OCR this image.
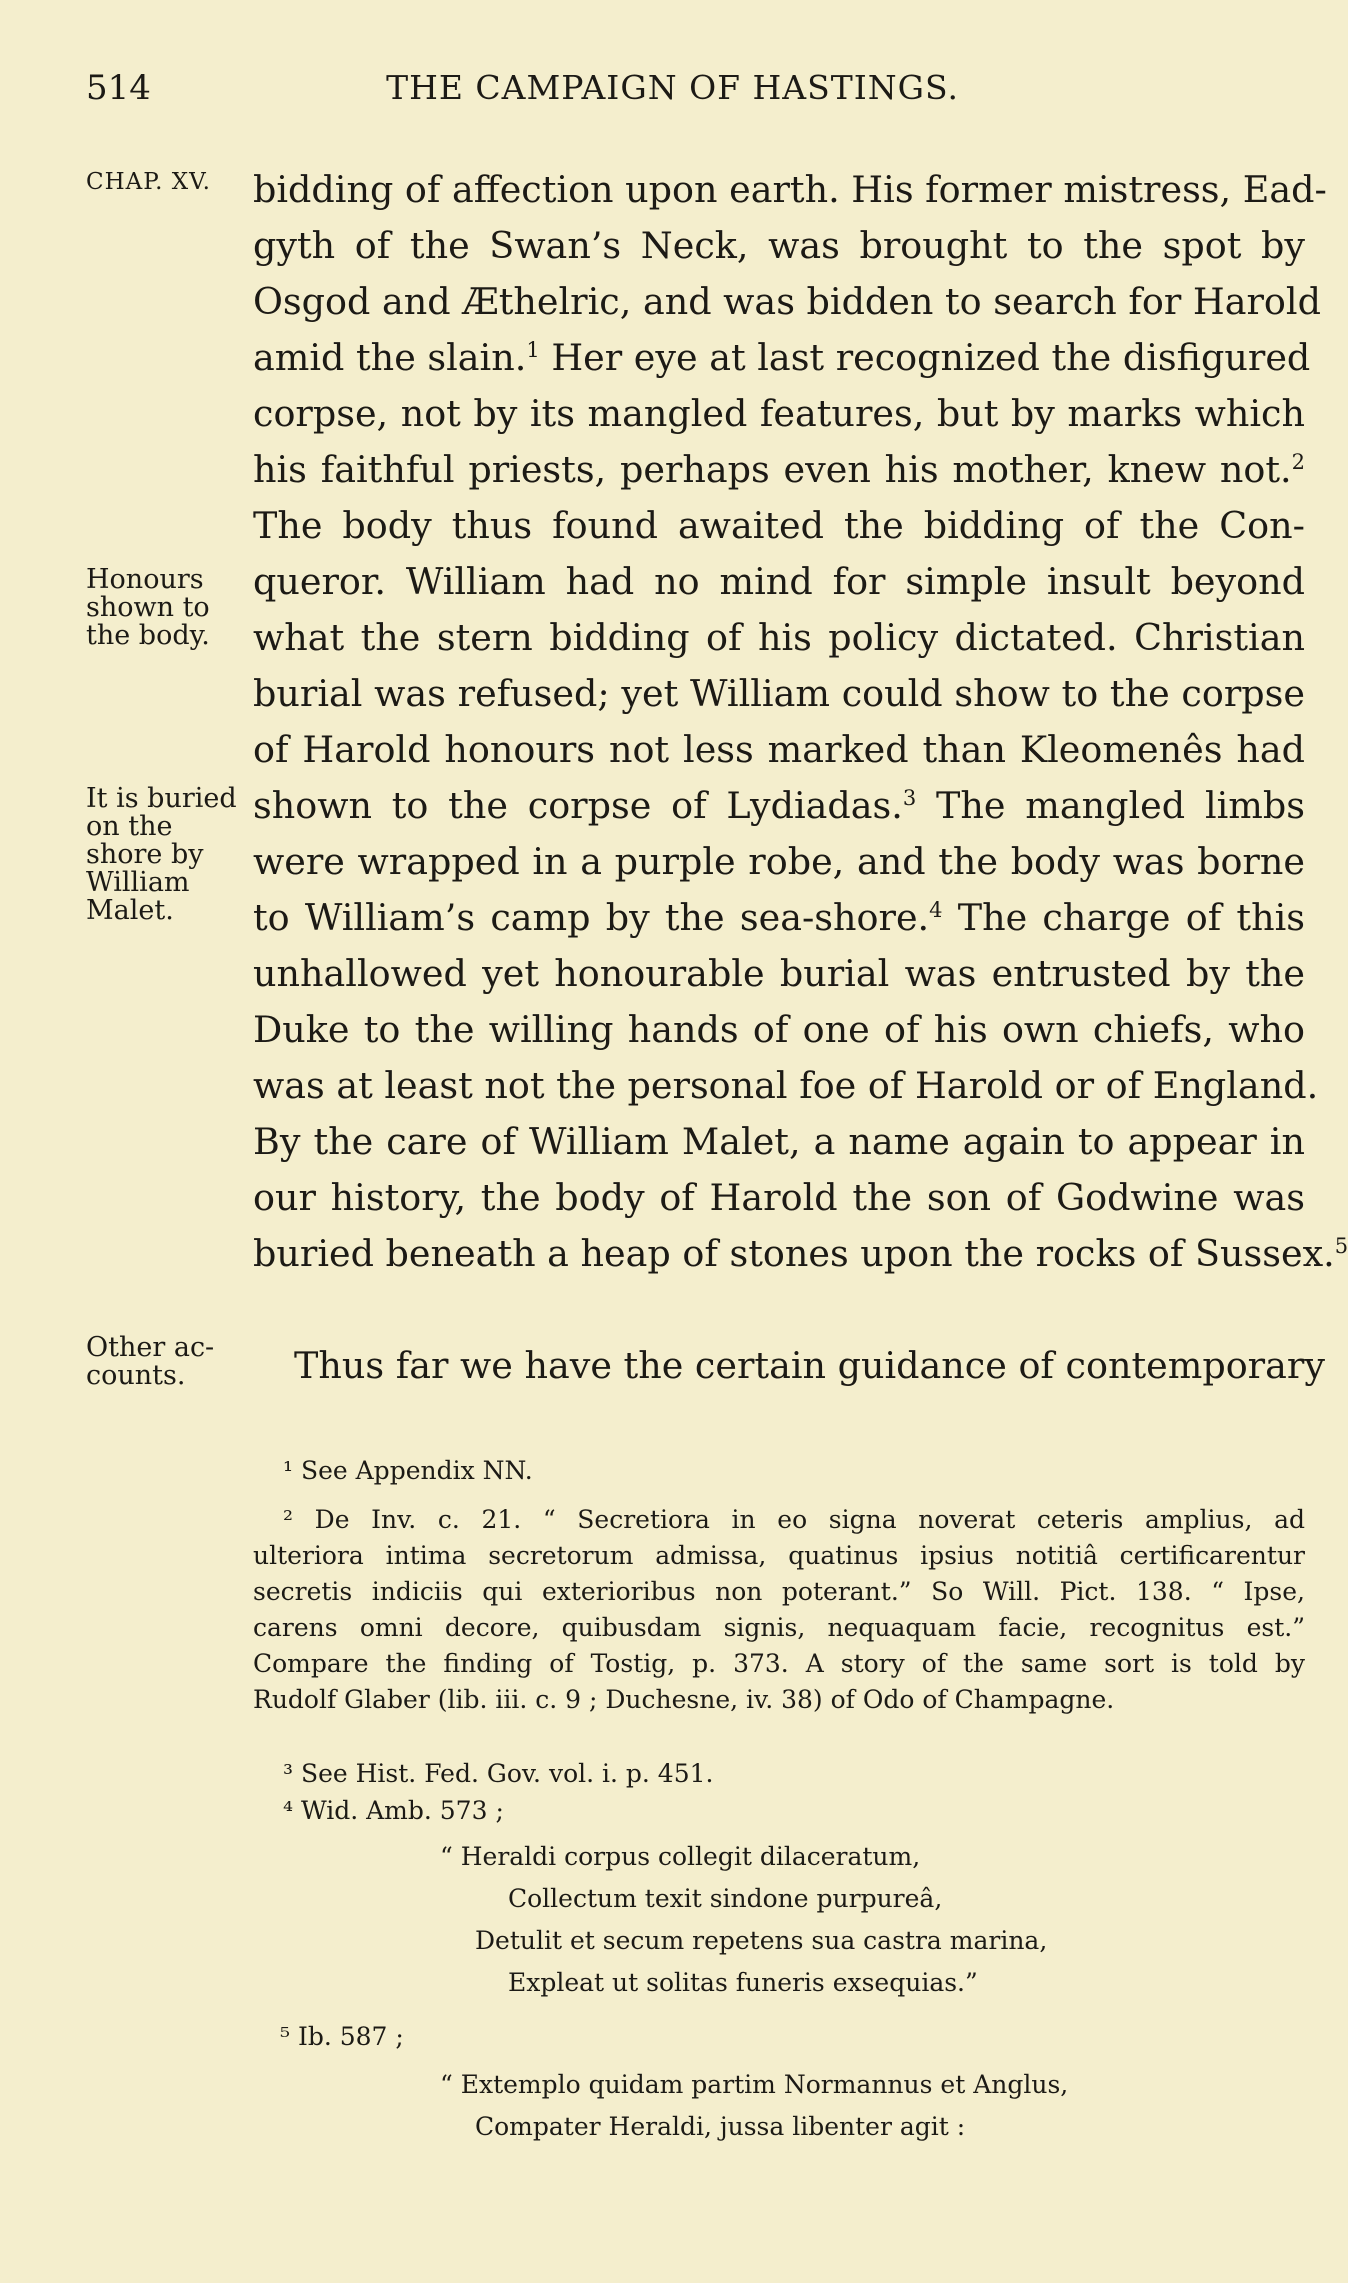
514	THE CAMPAIGN OF HASTINGS.
CHAP. XV.
Honours
shown to
the body.
It is buried
on the
shore by
William
Malet.
Other ac-
counts.
bidding of affection upon earth. His former mistress, Ead-
gyth of the Swan’s Neck, was brought to the spot by
Osgod and Æthelric, and was bidden to search for Harold
amid the slain.$^1$ Her eye at last recognized the disfigured
corpse, not by its mangled features, but by marks which
his faithful priests, perhaps even his mother, knew not.$^2$
The body thus found awaited the bidding of the Con-
queror. William had no mind for simple insult beyond
what the stern bidding of his policy dictated. Christian
burial was refused; yet William could show to the corpse
of Harold honours not less marked than Kleomenês had
shown to the corpse of Lydiadas.$^3$ The mangled limbs
were wrapped in a purple robe, and the body was borne
to William’s camp by the sea-shore.$^4$ The charge of this
unhallowed yet honourable burial was entrusted by the
Duke to the willing hands of one of his own chiefs, who
was at least not the personal foe of Harold or of England.
By the care of William Malet, a name again to appear in
our history, the body of Harold the son of Godwine was
buried beneath a heap of stones upon the rocks of Sussex.$^5$
Thus far we have the certain guidance of contemporary
¹ See Appendix NN.
² De Inv. c. 21. “ Secretiora in eo signa noverat ceteris amplius, ad
ulteriora intima secretorum admissa, quatinus ipsius notitiâ certificarentur
secretis indiciis qui exterioribus non poterant.” So Will. Pict. 138. “ Ipse,
carens omni decore, quibusdam signis, nequaquam facie, recognitus est.”
Compare the finding of Tostig, p. 373. A story of the same sort is told by
Rudolf Glaber (lib. iii. c. 9 ; Duchesne, iv. 38) of Odo of Champagne.
³ See Hist. Fed. Gov. vol. i. p. 451.
⁴ Wid. Amb. 573 ;
“ Heraldi corpus collegit dilaceratum,
Collectum texit sindone purpureâ,
Detulit et secum repetens sua castra marina,
Expleat ut solitas funeris exsequias.”
⁵ Ib. 587 ;
“ Extemplo quidam partim Normannus et Anglus,
Compater Heraldi, jussa libenter agit :
